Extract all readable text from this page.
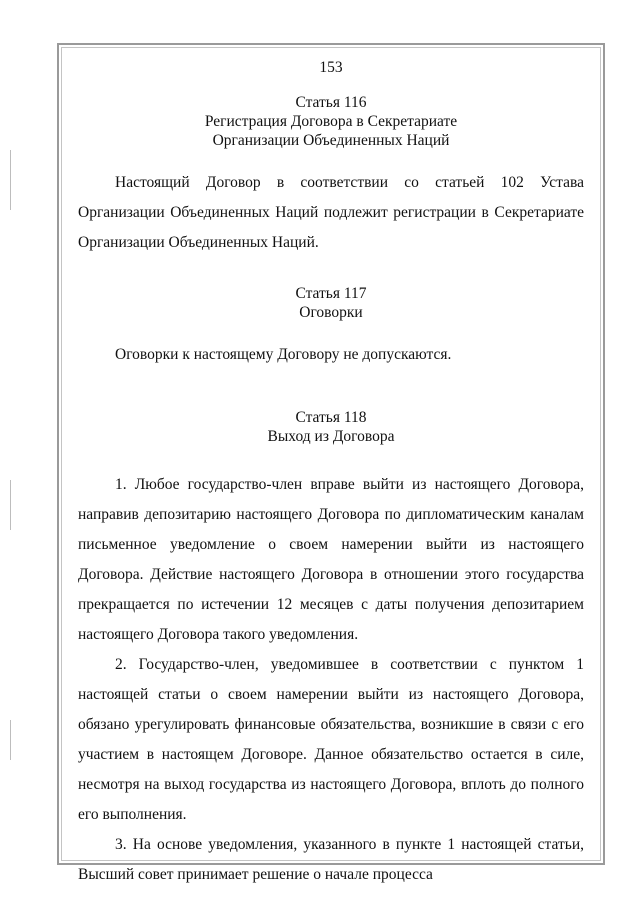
153
Статья 116
Регистрация Договора в Секретариате
Организации Объединенных Наций

Настоящий Договор в соответствии со статьей 102 Устава Организации Объединенных Наций подлежит регистрации в Секретариате Организации Объединенных Наций.

Статья 117
Оговорки

Оговорки к настоящему Договору не допускаются.

Статья 118
Выход из Договора

1. Любое государство-член вправе выйти из настоящего Договора, направив депозитарию настоящего Договора по дипломатическим каналам письменное уведомление о своем намерении выйти из настоящего Договора. Действие настоящего Договора в отношении этого государства прекращается по истечении 12 месяцев с даты получения депозитарием настоящего Договора такого уведомления.

2. Государство-член, уведомившее в соответствии с пунктом 1 настоящей статьи о своем намерении выйти из настоящего Договора, обязано урегулировать финансовые обязательства, возникшие в связи с его участием в настоящем Договоре. Данное обязательство остается в силе, несмотря на выход государства из настоящего Договора, вплоть до полного его выполнения.

3. На основе уведомления, указанного в пункте 1 настоящей статьи, Высший совет принимает решение о начале процесса
